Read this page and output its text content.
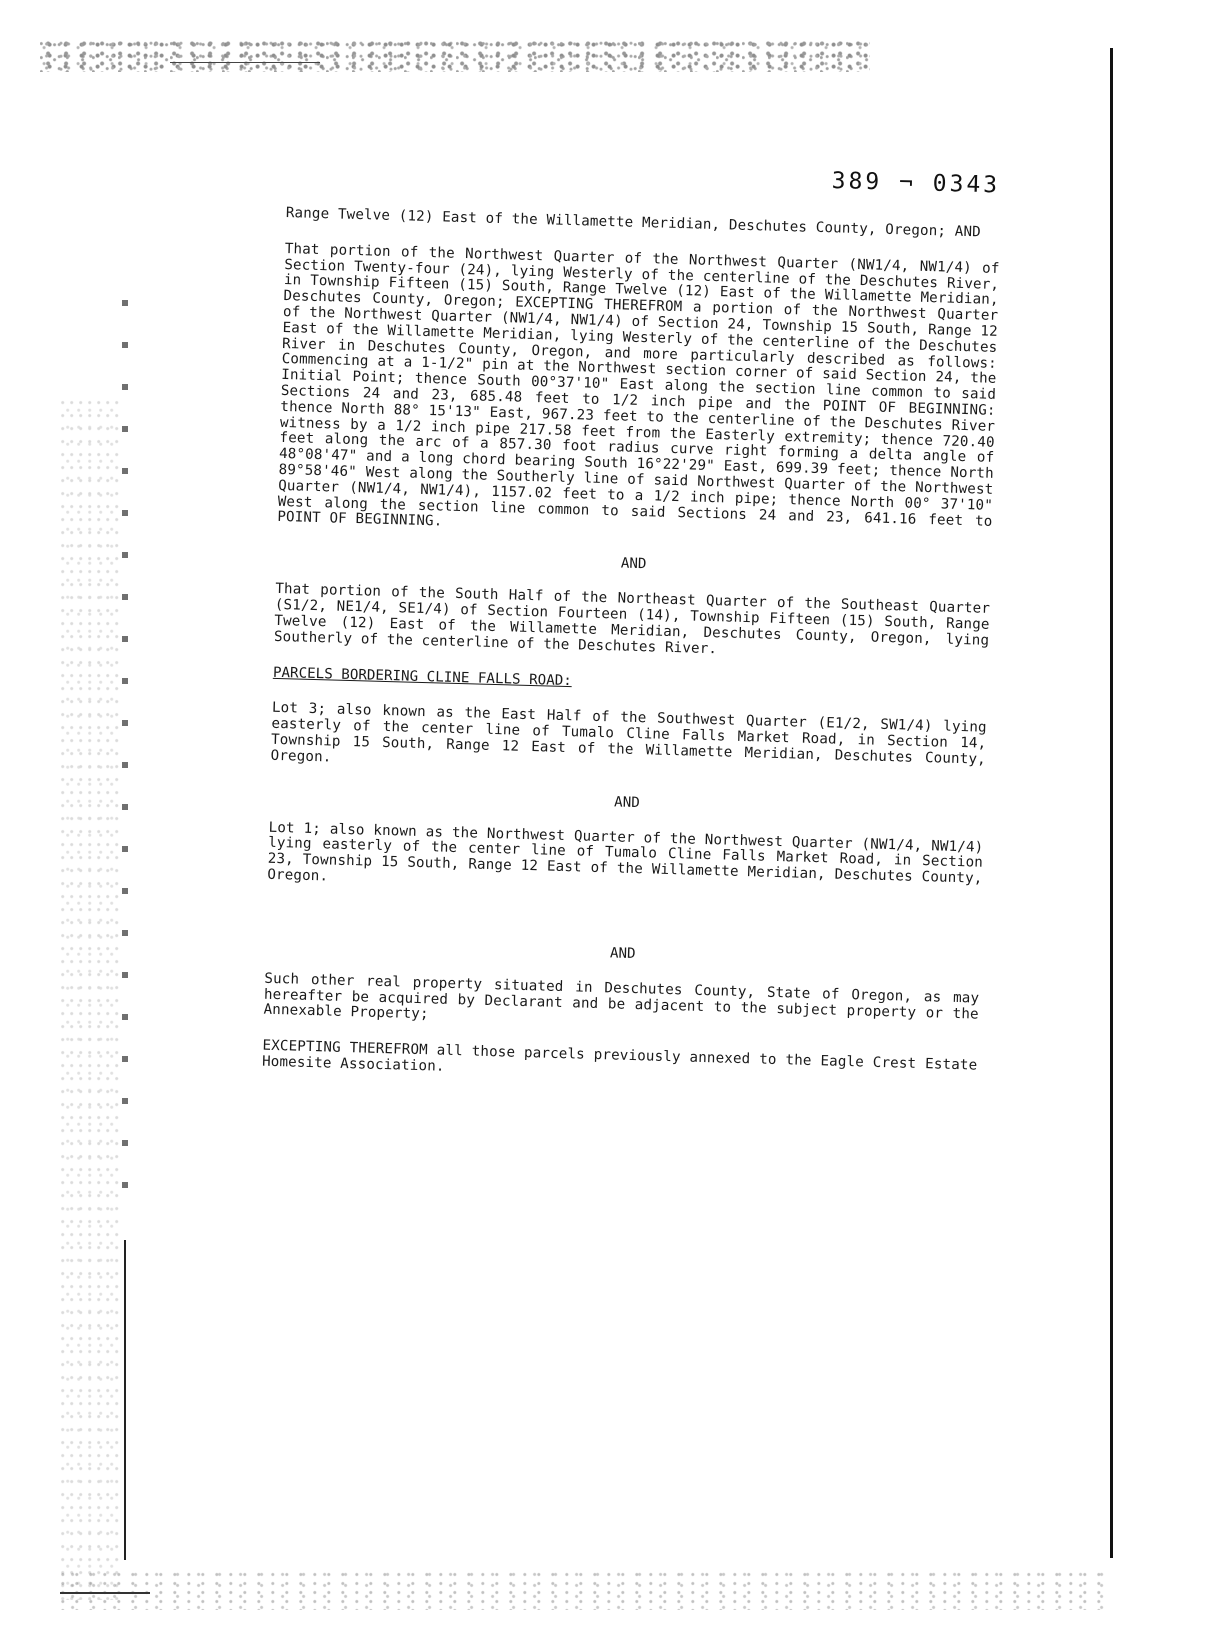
389 ¬ 0343

Range Twelve (12) East of the Willamette Meridian, Deschutes County, Oregon; AND

That portion of the Northwest Quarter of the Northwest Quarter (NW1/4, NW1/4) of Section Twenty-four (24), lying Westerly of the centerline of the Deschutes River, in Township Fifteen (15) South, Range Twelve (12) East of the Willamette Meridian, Deschutes County, Oregon; EXCEPTING THEREFROM a portion of the Northwest Quarter of the Northwest Quarter (NW1/4, NW1/4) of Section 24, Township 15 South, Range 12 East of the Willamette Meridian, lying Westerly of the centerline of the Deschutes River in Deschutes County, Oregon, and more particularly described as follows: Commencing at a 1-1/2" pin at the Northwest section corner of said Section 24, the Initial Point; thence South 00°37'10" East along the section line common to said Sections 24 and 23, 685.48 feet to 1/2 inch pipe and the POINT OF BEGINNING: thence North 88° 15'13" East, 967.23 feet to the centerline of the Deschutes River witness by a 1/2 inch pipe 217.58 feet from the Easterly extremity; thence 720.40 feet along the arc of a 857.30 foot radius curve right forming a delta angle of 48°08'47" and a long chord bearing South 16°22'29" East, 699.39 feet; thence North 89°58'46" West along the Southerly line of said Northwest Quarter of the Northwest Quarter (NW1/4, NW1/4), 1157.02 feet to a 1/2 inch pipe; thence North 00° 37'10" West along the section line common to said Sections 24 and 23, 641.16 feet to POINT OF BEGINNING.

AND

That portion of the South Half of the Northeast Quarter of the Southeast Quarter (S1/2, NE1/4, SE1/4) of Section Fourteen (14), Township Fifteen (15) South, Range Twelve (12) East of the Willamette Meridian, Deschutes County, Oregon, lying Southerly of the centerline of the Deschutes River.

PARCELS BORDERING CLINE FALLS ROAD:

Lot 3; also known as the East Half of the Southwest Quarter (E1/2, SW1/4) lying easterly of the center line of Tumalo Cline Falls Market Road, in Section 14, Township 15 South, Range 12 East of the Willamette Meridian, Deschutes County, Oregon.

AND

Lot 1; also known as the Northwest Quarter of the Northwest Quarter (NW1/4, NW1/4) lying easterly of the center line of Tumalo Cline Falls Market Road, in Section 23, Township 15 South, Range 12 East of the Willamette Meridian, Deschutes County, Oregon.

AND

Such other real property situated in Deschutes County, State of Oregon, as may hereafter be acquired by Declarant and be adjacent to the subject property or the Annexable Property;

EXCEPTING THEREFROM all those parcels previously annexed to the Eagle Crest Estate Homesite Association.
